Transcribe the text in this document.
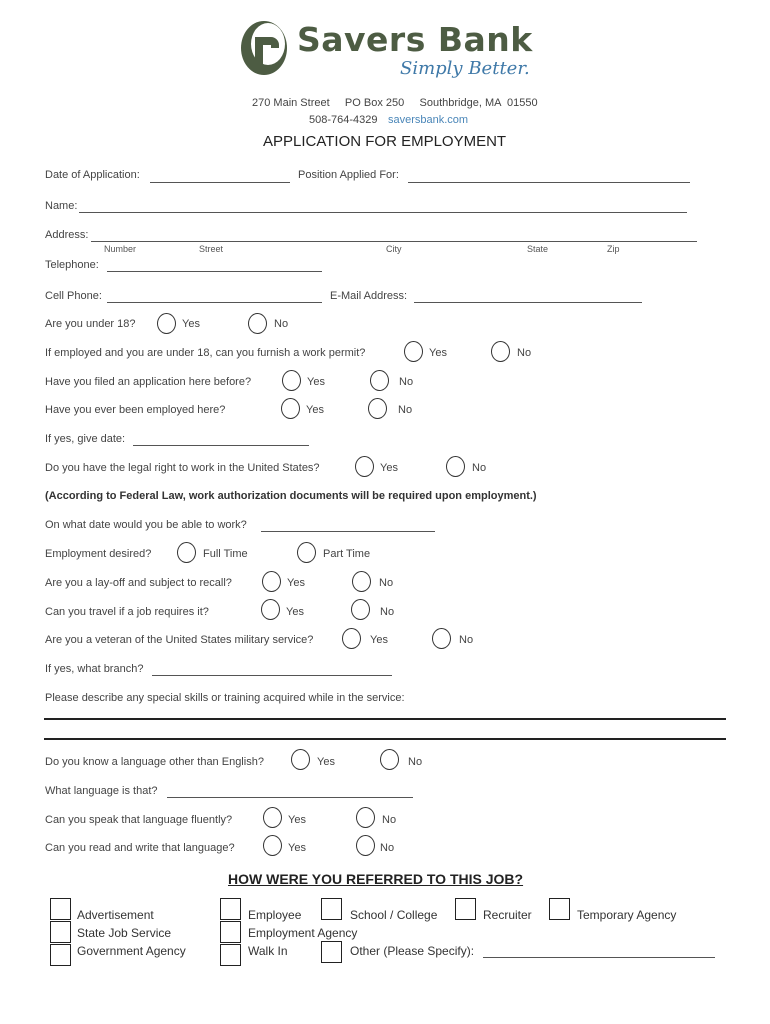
Savers Bank
Simply Better.
270 Main Street     PO Box 250     Southbridge, MA  01550
508-764-4329 saversbank.com
APPLICATION FOR EMPLOYMENT
Date of Application:	Position Applied For:
Name:
Address:
Number	Street	City	State	Zip
Telephone:
Cell Phone:	E-Mail Address:
Are you under 18?	Yes	No
If employed and you are under 18, can you furnish a work permit?	Yes	No
Have you filed an application here before?	Yes	No
Have you ever been employed here?	Yes	No
If yes, give date:
Do you have the legal right to work in the United States?	Yes	No
(According to Federal Law, work authorization documents will be required upon employment.)
On what date would you be able to work?
Employment desired?	Full Time	Part Time
Are you a lay-off and subject to recall?	Yes	No
Can you travel if a job requires it?	Yes	No
Are you a veteran of the United States military service?	Yes	No
If yes, what branch?
Please describe any special skills or training acquired while in the service:
Do you know a language other than English?	Yes	No
What language is that?
Can you speak that language fluently?	Yes	No
Can you read and write that language?	Yes	No
HOW WERE YOU REFERRED TO THIS JOB?
Advertisement
State Job Service
Government Agency
Employee
Employment Agency
Walk In
School / College
Other (Please Specify):
Recruiter	Temporary Agency
